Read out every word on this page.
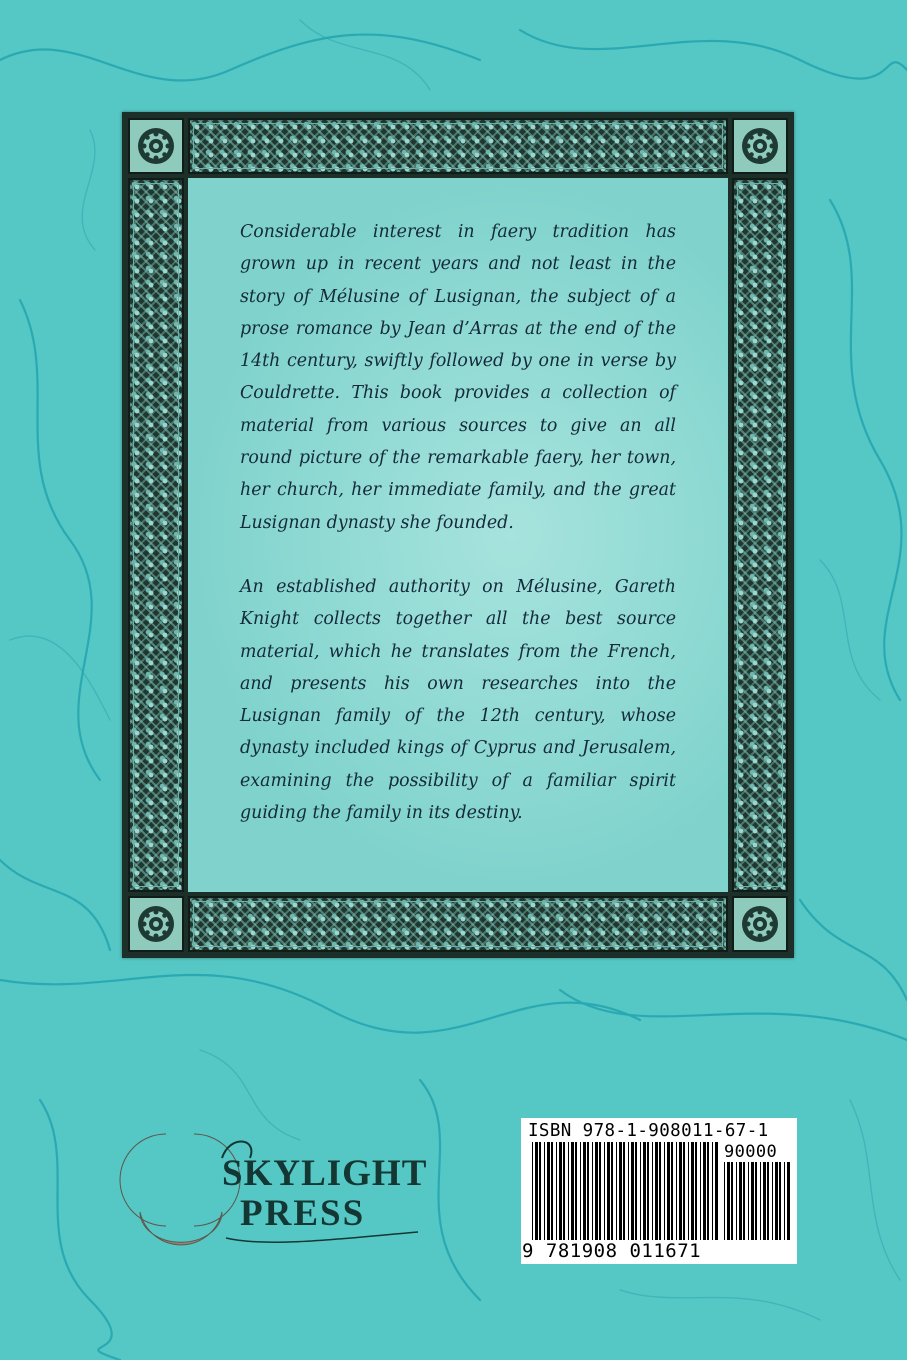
Considerable interest in faery tradition has grown up in recent years and not least in the story of Mélusine of Lusignan, the subject of a prose romance by Jean d’Arras at the end of the 14th century, swiftly followed by one in verse by Couldrette. This book provides a collection of material from various sources to give an all round picture of the remarkable faery, her town, her church, her immediate family, and the great Lusignan dynasty she founded.

An established authority on Mélusine, Gareth Knight collects together all the best source material, which he translates from the French, and presents his own researches into the Lusignan family of the 12th century, whose dynasty included kings of Cyprus and Jerusalem, examining the possibility of a familiar spirit guiding the family in its destiny.

SKYLIGHT
PRESS
ISBN 978-1-908011-67-1
90000
9 781908 011671
